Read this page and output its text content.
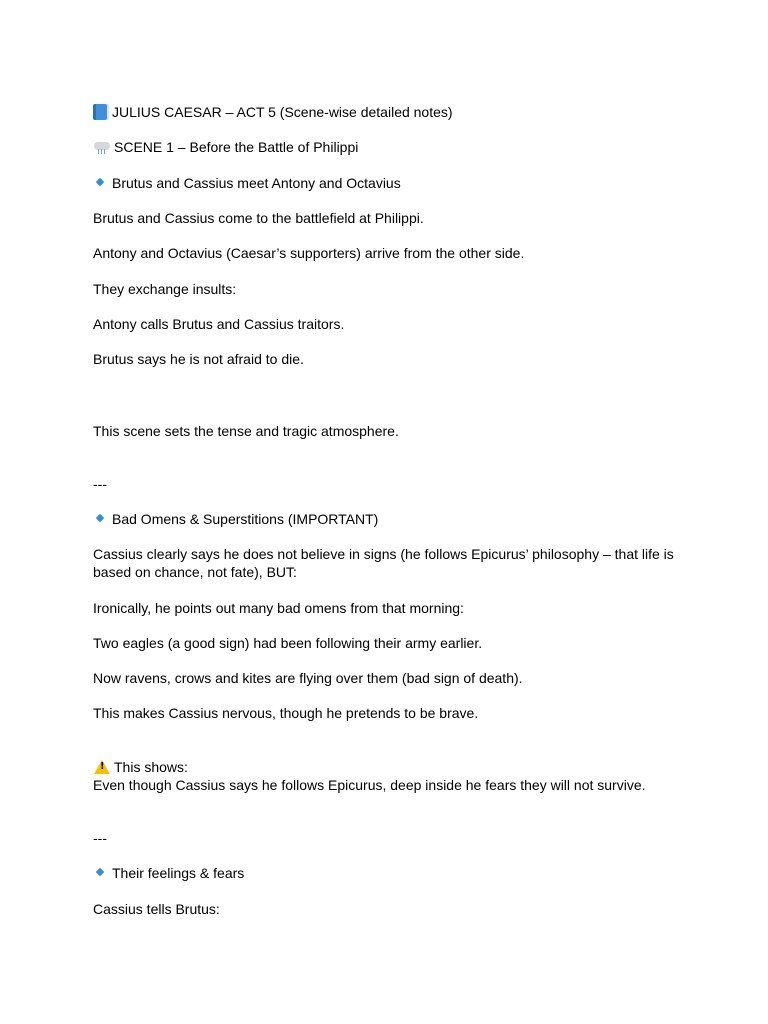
JULIUS CAESAR – ACT 5 (Scene-wise detailed notes)
SCENE 1 – Before the Battle of Philippi
Brutus and Cassius meet Antony and Octavius
Brutus and Cassius come to the battlefield at Philippi.
Antony and Octavius (Caesar’s supporters) arrive from the other side.
They exchange insults:
Antony calls Brutus and Cassius traitors.
Brutus says he is not afraid to die.
This scene sets the tense and tragic atmosphere.
---
Bad Omens & Superstitions (IMPORTANT)
Cassius clearly says he does not believe in signs (he follows Epicurus’ philosophy – that life is based on chance, not fate), BUT:
Ironically, he points out many bad omens from that morning:
Two eagles (a good sign) had been following their army earlier.
Now ravens, crows and kites are flying over them (bad sign of death).
This makes Cassius nervous, though he pretends to be brave.
!This shows:
Even though Cassius says he follows Epicurus, deep inside he fears they will not survive.
---
Their feelings & fears
Cassius tells Brutus:
